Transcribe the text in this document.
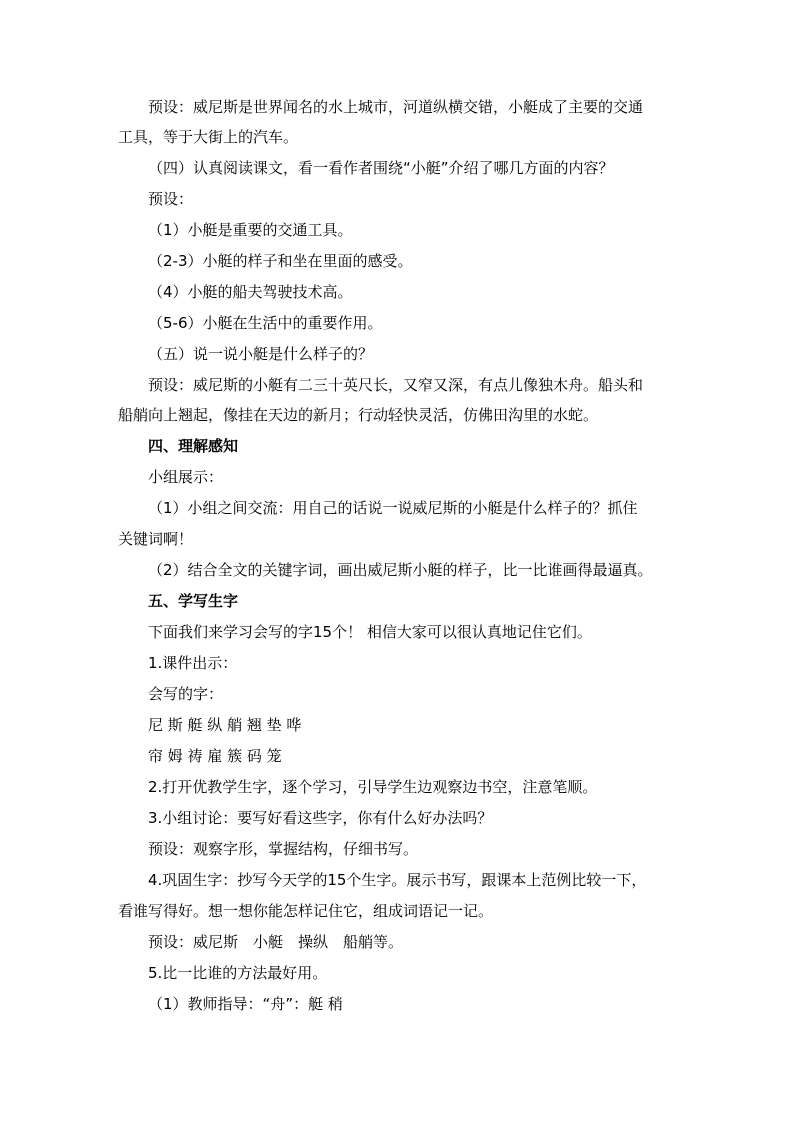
预设：威尼斯是世界闻名的水上城市，河道纵横交错，小艇成了主要的交通
工具，等于大街上的汽车。
（四）认真阅读课文，看一看作者围绕“小艇”介绍了哪几方面的内容？
预设：
（1）小艇是重要的交通工具。
（2-3）小艇的样子和坐在里面的感受。
（4）小艇的船夫驾驶技术高。
（5-6）小艇在生活中的重要作用。
（五）说一说小艇是什么样子的？
预设：威尼斯的小艇有二三十英尺长，又窄又深，有点儿像独木舟。船头和
船艄向上翘起，像挂在天边的新月；行动轻快灵活，仿佛田沟里的水蛇。
四、理解感知
小组展示：
（1）小组之间交流：用自己的话说一说威尼斯的小艇是什么样子的？抓住
关键词啊！
（2）结合全文的关键字词，画出威尼斯小艇的样子，比一比谁画得最逼真。
五、学写生字
下面我们来学习会写的字15个！ 相信大家可以很认真地记住它们。
1.课件出示：
会写的字：
尼 斯 艇 纵 艄 翘 垫 哗
帘 姆 祷 雇 簇 码 笼
2.打开优教学生字，逐个学习，引导学生边观察边书空，注意笔顺。
3.小组讨论：要写好看这些字，你有什么好办法吗？
预设：观察字形，掌握结构，仔细书写。
4.巩固生字：抄写今天学的15个生字。展示书写，跟课本上范例比较一下，
看谁写得好。想一想你能怎样记住它，组成词语记一记。
预设：威尼斯　小艇　操纵　船艄等。
5.比一比谁的方法最好用。
（1）教师指导：“舟”：艇 稍
